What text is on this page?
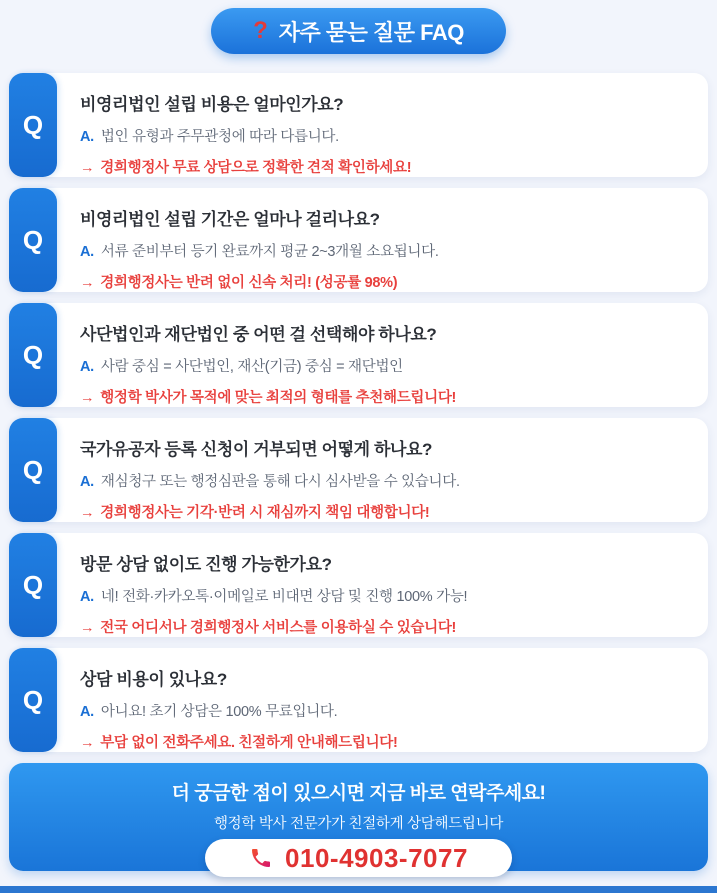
? 자주 묻는 질문 FAQ
Q
비영리법인 설립 비용은 얼마인가요?
A. 법인 유형과 주무관청에 따라 다릅니다.
→ 경희행정사 무료 상담으로 정확한 견적 확인하세요!
Q
비영리법인 설립 기간은 얼마나 걸리나요?
A. 서류 준비부터 등기 완료까지 평균 2~3개월 소요됩니다.
→ 경희행정사는 반려 없이 신속 처리! (성공률 98%)
Q
사단법인과 재단법인 중 어떤 걸 선택해야 하나요?
A. 사람 중심 = 사단법인, 재산(기금) 중심 = 재단법인
→ 행정학 박사가 목적에 맞는 최적의 형태를 추천해드립니다!
Q
국가유공자 등록 신청이 거부되면 어떻게 하나요?
A. 재심청구 또는 행정심판을 통해 다시 심사받을 수 있습니다.
→ 경희행정사는 기각·반려 시 재심까지 책임 대행합니다!
Q
방문 상담 없이도 진행 가능한가요?
A. 네! 전화·카카오톡·이메일로 비대면 상담 및 진행 100% 가능!
→ 전국 어디서나 경희행정사 서비스를 이용하실 수 있습니다!
Q
상담 비용이 있나요?
A. 아니요! 초기 상담은 100% 무료입니다.
→ 부담 없이 전화주세요. 친절하게 안내해드립니다!
더 궁금한 점이 있으시면 지금 바로 연락주세요!
행정학 박사 전문가가 친절하게 상담해드립니다
010-4903-7077
